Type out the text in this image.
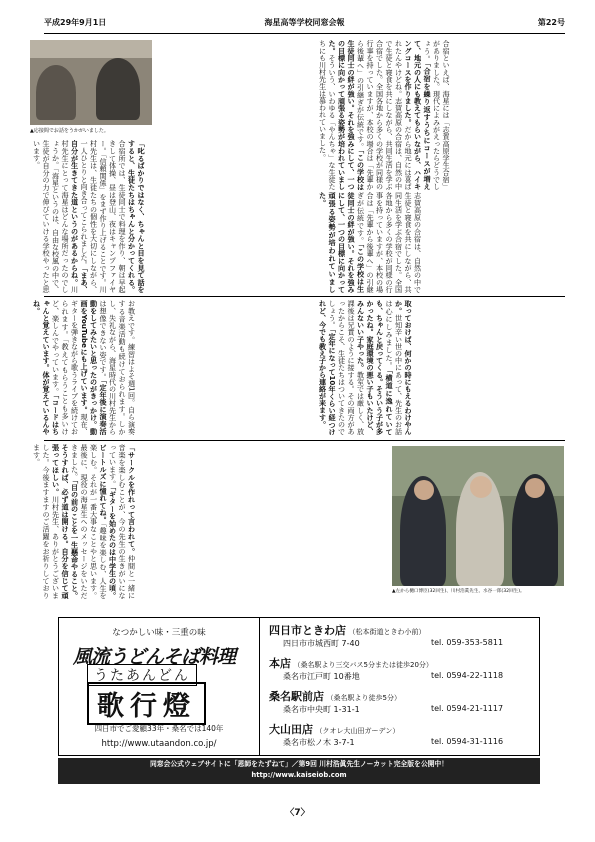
平成29年9月1日	海星高等学校同窓会報	第22号
▲応接間でお話をうかがいました。	合宿といえば、海星には「志賀高原学生合宿」がありました。現代によみがえったらどうでしょう。「合宿を繰り返すうちにコースが増えて、地元の人にも教えてもらいながら、ハイキングコースを作りました。だから地元には喜ばれたんやけどね。志賀高原の合宿は、自然の中で生徒と寝食を共にしながら、共同生活を学ぶ合宿でした。全国各地から多くの学校が同様の行事を持っていますが、本校の場合は「先輩から後輩へ」の引継ぎが伝統です。「この学校は生徒同士の絆が強い。それを強みにして、一つの目標に向かって頑張る姿勢が培われていました。そういう、いわゆる「やんちゃ」な生徒たちにも川村先生は慕われていました。
「叱るばかりではなく、ちゃんと目を見て話をすると、生徒たちはちゃんと分かってくれる。合宿所では、生徒同士で料理を作り、朝は早起きして体操、昼は登山、夜はキャンプファイヤー。「信頼関係」をまず作り上げることです。川村先生は、生徒たちの個性を大切にしながら、一人ひとりと向き合ってこられました。「まあ、自分が生きてきた道というのがあるからね。川村先生にとって海星はどんな場所だったのでしょうか。「海星というのは、自由な校風の中で、生徒が自分の力で伸びていける学校やったと思います。
志賀高原の合宿は、自然の中で生徒と寝食を共にしながら、共同生活を学ぶ合宿でした。全国各地から多くの学校が同様の行事を持っていますが、本校の場合は「先輩から後輩へ」の引継ぎが伝統です。「この学校は生徒同士の絆が強い。それを強みにして、一つの目標に向かって頑張る姿勢が培われていました。
お教えです。練習はよそ週1回。自ら演奏する音楽活動も続けておられます。しかし、失礼ながら、海星時代の川村先生からは想像できない姿です。「定年後に演奏活動をしてみたいと思ったのがきっかけ。動画をYouTubeにも上げています。現在、ギターを弾きながら歌うライブを続けておられます。「教えてもらうことも多いけど、楽しんでやっています。「コードはちゃんと覚えています。体が覚えているんやね。	取っておけば、何かの時にもえるわけやんか。世知辛い世の中にあって、先生のお話は心にしみました。「横道に逸れていても、ちゃんと戻ってくる。そういう子が多かったね。家庭環境の悪い子もいたけど、みんないい子やった。教室では厳しく、放課後は兄貴のように接する。その両方があったからこそ、生徒たちはついてきたのでしょう。「定年になって10年くらい経つけれど、今でも教え子から連絡が来ます。
「サークルを作れって言われて。仲間と一緒に音楽を楽しむことが、今の先生の生きがいになっています。「ギターを始めたのは中学生の頃。ビートルズに憧れてね。「趣味を楽しむ、人生を楽しむ。それが一番大事なことやと思います。最後に、現役の海星生へのメッセージをいただきました。「目の前のことを一生懸命やること。そうすれば、必ず道は開ける。自分を信じて頑張ってほしい。川村先生、ありがとうございました。今後ますますのご活躍をお祈りしております。
▲左から樋口博臣(32回生)、川村浩眞先生、水谷一郎(32回生)。
なつかしい味・三重の味
風流うどんそば料理
うたあんどん
歌行燈
四日市でご愛顧33年・桑名では140年
http://www.utaandon.co.jp/
四日市ときわ店 （松本街道ときわ小前）
四日市市城西町 7-40	tel. 059-353-5811
本店 （桑名駅より三交バス5分または徒歩20分）
桑名市江戸町 10番地	tel. 0594-22-1118
桑名駅前店 （桑名駅より徒歩5分）
桑名市中央町 1-31-1	tel. 0594-21-1117
大山田店 （クオレ大山田ガーデン）
桑名市松ノ木 3-7-1	tel. 0594-31-1116
同窓会公式ウェブサイトに「恩師をたずねて」／第9回 川村浩眞先生ノーカット完全版を公開中！
http://www.kaiseiob.com
〈7〉
